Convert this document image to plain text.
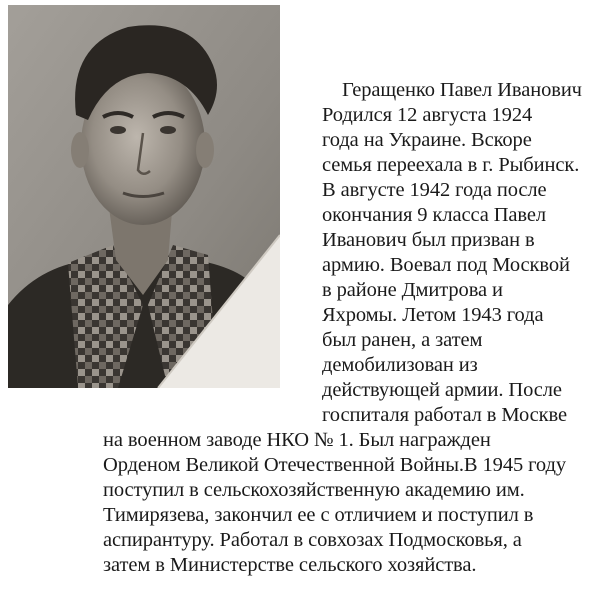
Геращенко Павел Иванович
Родился 12 августа 1924
года на Украине. Вскоре
семья переехала в г. Рыбинск.
В августе 1942 года после
окончания 9 класса Павел
Иванович был призван в
армию. Воевал под Москвой
в районе Дмитрова и
Яхромы. Летом 1943 года
был ранен, а затем
демобилизован из
действующей армии. После
госпиталя работал в Москве
на военном заводе НКО № 1. Был награжден
Орденом Великой Отечественной Войны.В 1945 году
поступил в сельскохозяйственную академию им.
Тимирязева, закончил ее с отличием и поступил в
аспирантуру. Работал в совхозах Подмосковья, а
затем в Министерстве сельского хозяйства.
